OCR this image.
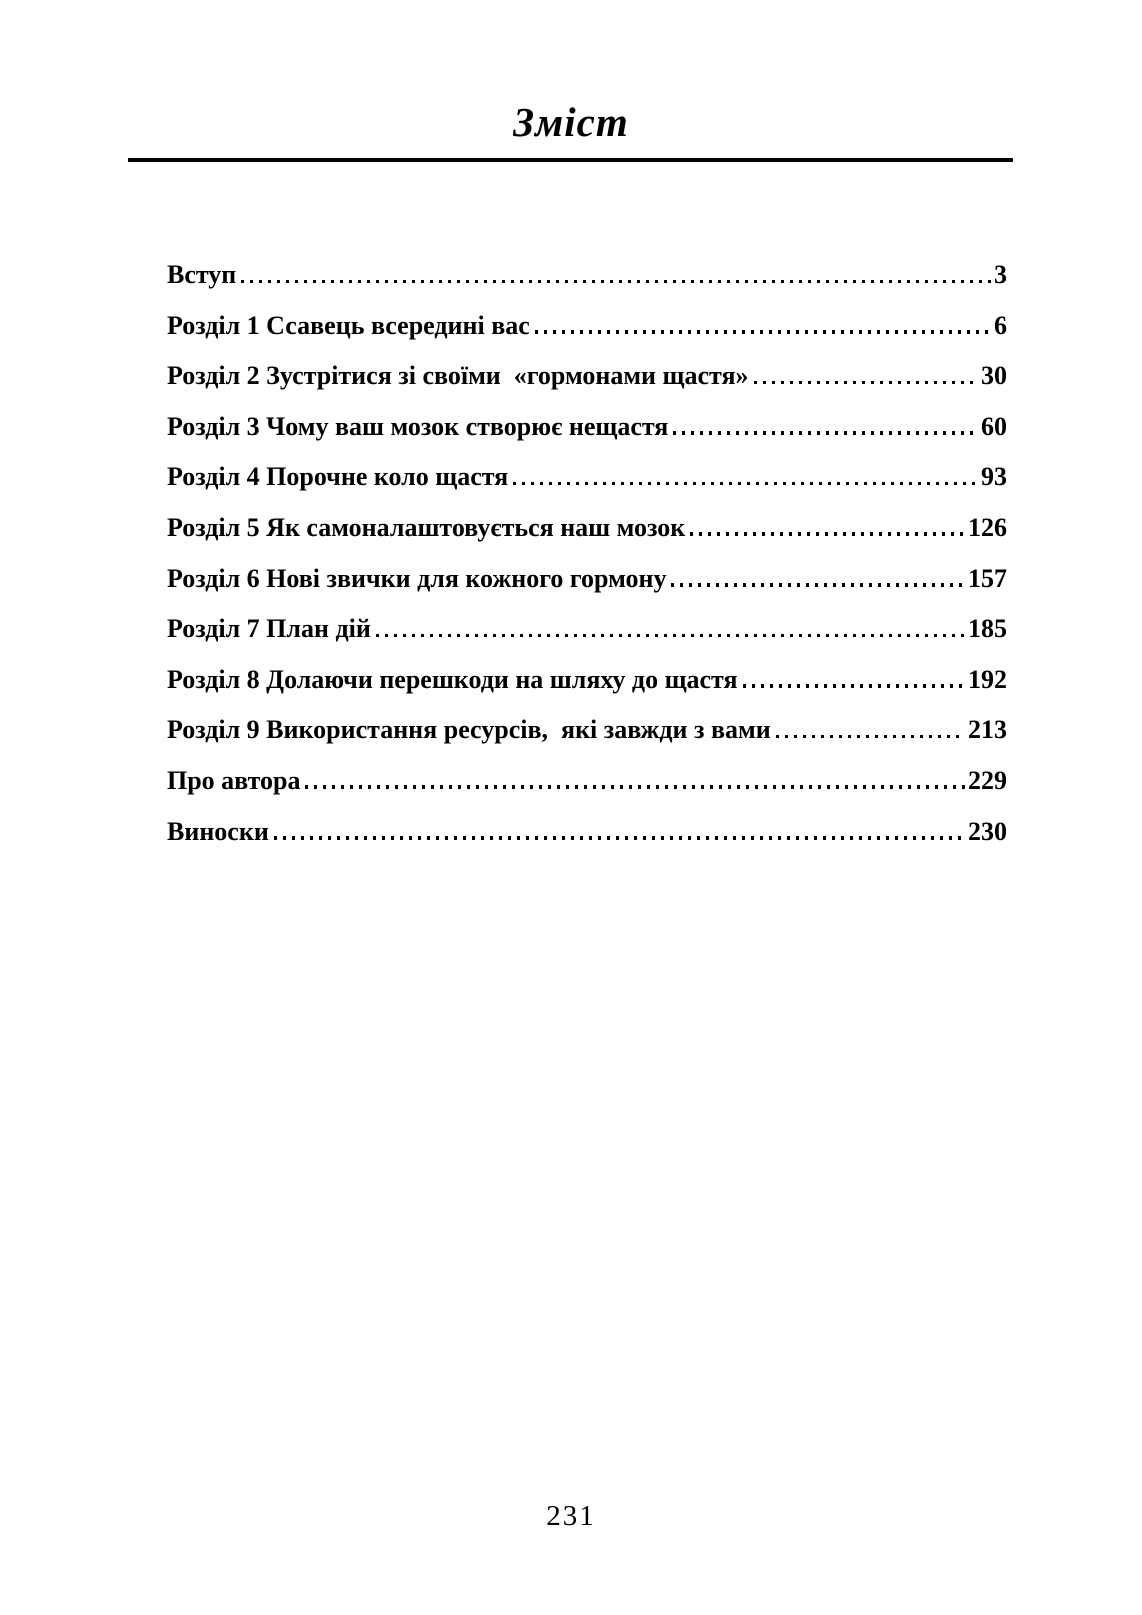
Зміст
Вступ	3
Розділ 1 Ссавець всередині вас	6
Розділ 2 Зустрітися зі своїми  «гормонами щастя»	30
Розділ 3 Чому ваш мозок створює нещастя	60
Розділ 4 Порочне коло щастя	93
Розділ 5 Як самоналаштовується наш мозок	126
Розділ 6 Нові звички для кожного гормону	157
Розділ 7 План дій	185
Розділ 8 Долаючи перешкоди на шляху до щастя	192
Розділ 9 Використання ресурсів,  які завжди з вами	213
Про автора	229
Виноски	230
231
